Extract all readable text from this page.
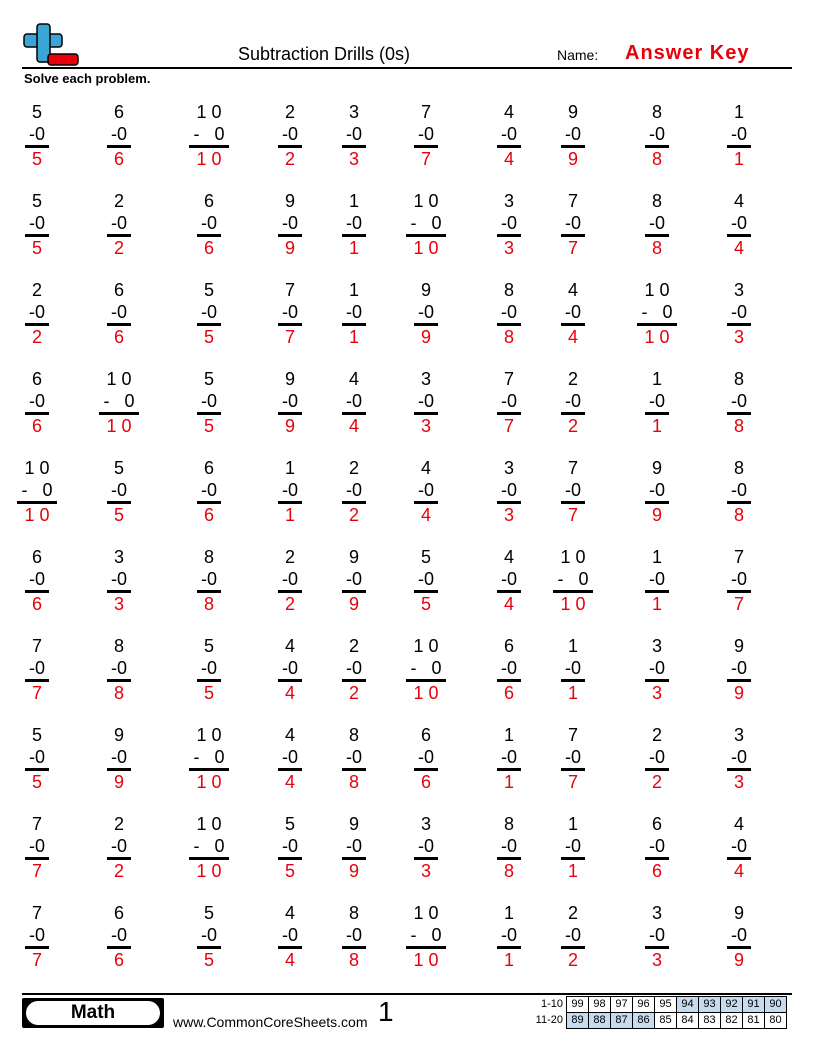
Subtraction Drills (0s)	Name: Answer Key
Solve each problem.
5
-0
5
6
-0
6
1 0
-   0
1 0
2
-0
2
3
-0
3
7
-0
7
4
-0
4
9
-0
9
8
-0
8
1
-0
1
5
-0
5
2
-0
2
6
-0
6
9
-0
9
1
-0
1
1 0
-   0
1 0
3
-0
3
7
-0
7
8
-0
8
4
-0
4
2
-0
2
6
-0
6
5
-0
5
7
-0
7
1
-0
1
9
-0
9
8
-0
8
4
-0
4
1 0
-   0
1 0
3
-0
3
6
-0
6
1 0
-   0
1 0
5
-0
5
9
-0
9
4
-0
4
3
-0
3
7
-0
7
2
-0
2
1
-0
1
8
-0
8
1 0
-   0
1 0
5
-0
5
6
-0
6
1
-0
1
2
-0
2
4
-0
4
3
-0
3
7
-0
7
9
-0
9
8
-0
8
6
-0
6
3
-0
3
8
-0
8
2
-0
2
9
-0
9
5
-0
5
4
-0
4
1 0
-   0
1 0
1
-0
1
7
-0
7
7
-0
7
8
-0
8
5
-0
5
4
-0
4
2
-0
2
1 0
-   0
1 0
6
-0
6
1
-0
1
3
-0
3
9
-0
9
5
-0
5
9
-0
9
1 0
-   0
1 0
4
-0
4
8
-0
8
6
-0
6
1
-0
1
7
-0
7
2
-0
2
3
-0
3
7
-0
7
2
-0
2
1 0
-   0
1 0
5
-0
5
9
-0
9
3
-0
3
8
-0
8
1
-0
1
6
-0
6
4
-0
4
7
-0
7
6
-0
6
5
-0
5
4
-0
4
8
-0
8
1 0
-   0
1 0
1
-0
1
2
-0
2
3
-0
3
9
-0
9
Math	www.CommonCoreSheets.com 1	1-10	99	98	97	96	95	94	93	92	91	90
11-20	89	88	87	86	85	84	83	82	81	80
